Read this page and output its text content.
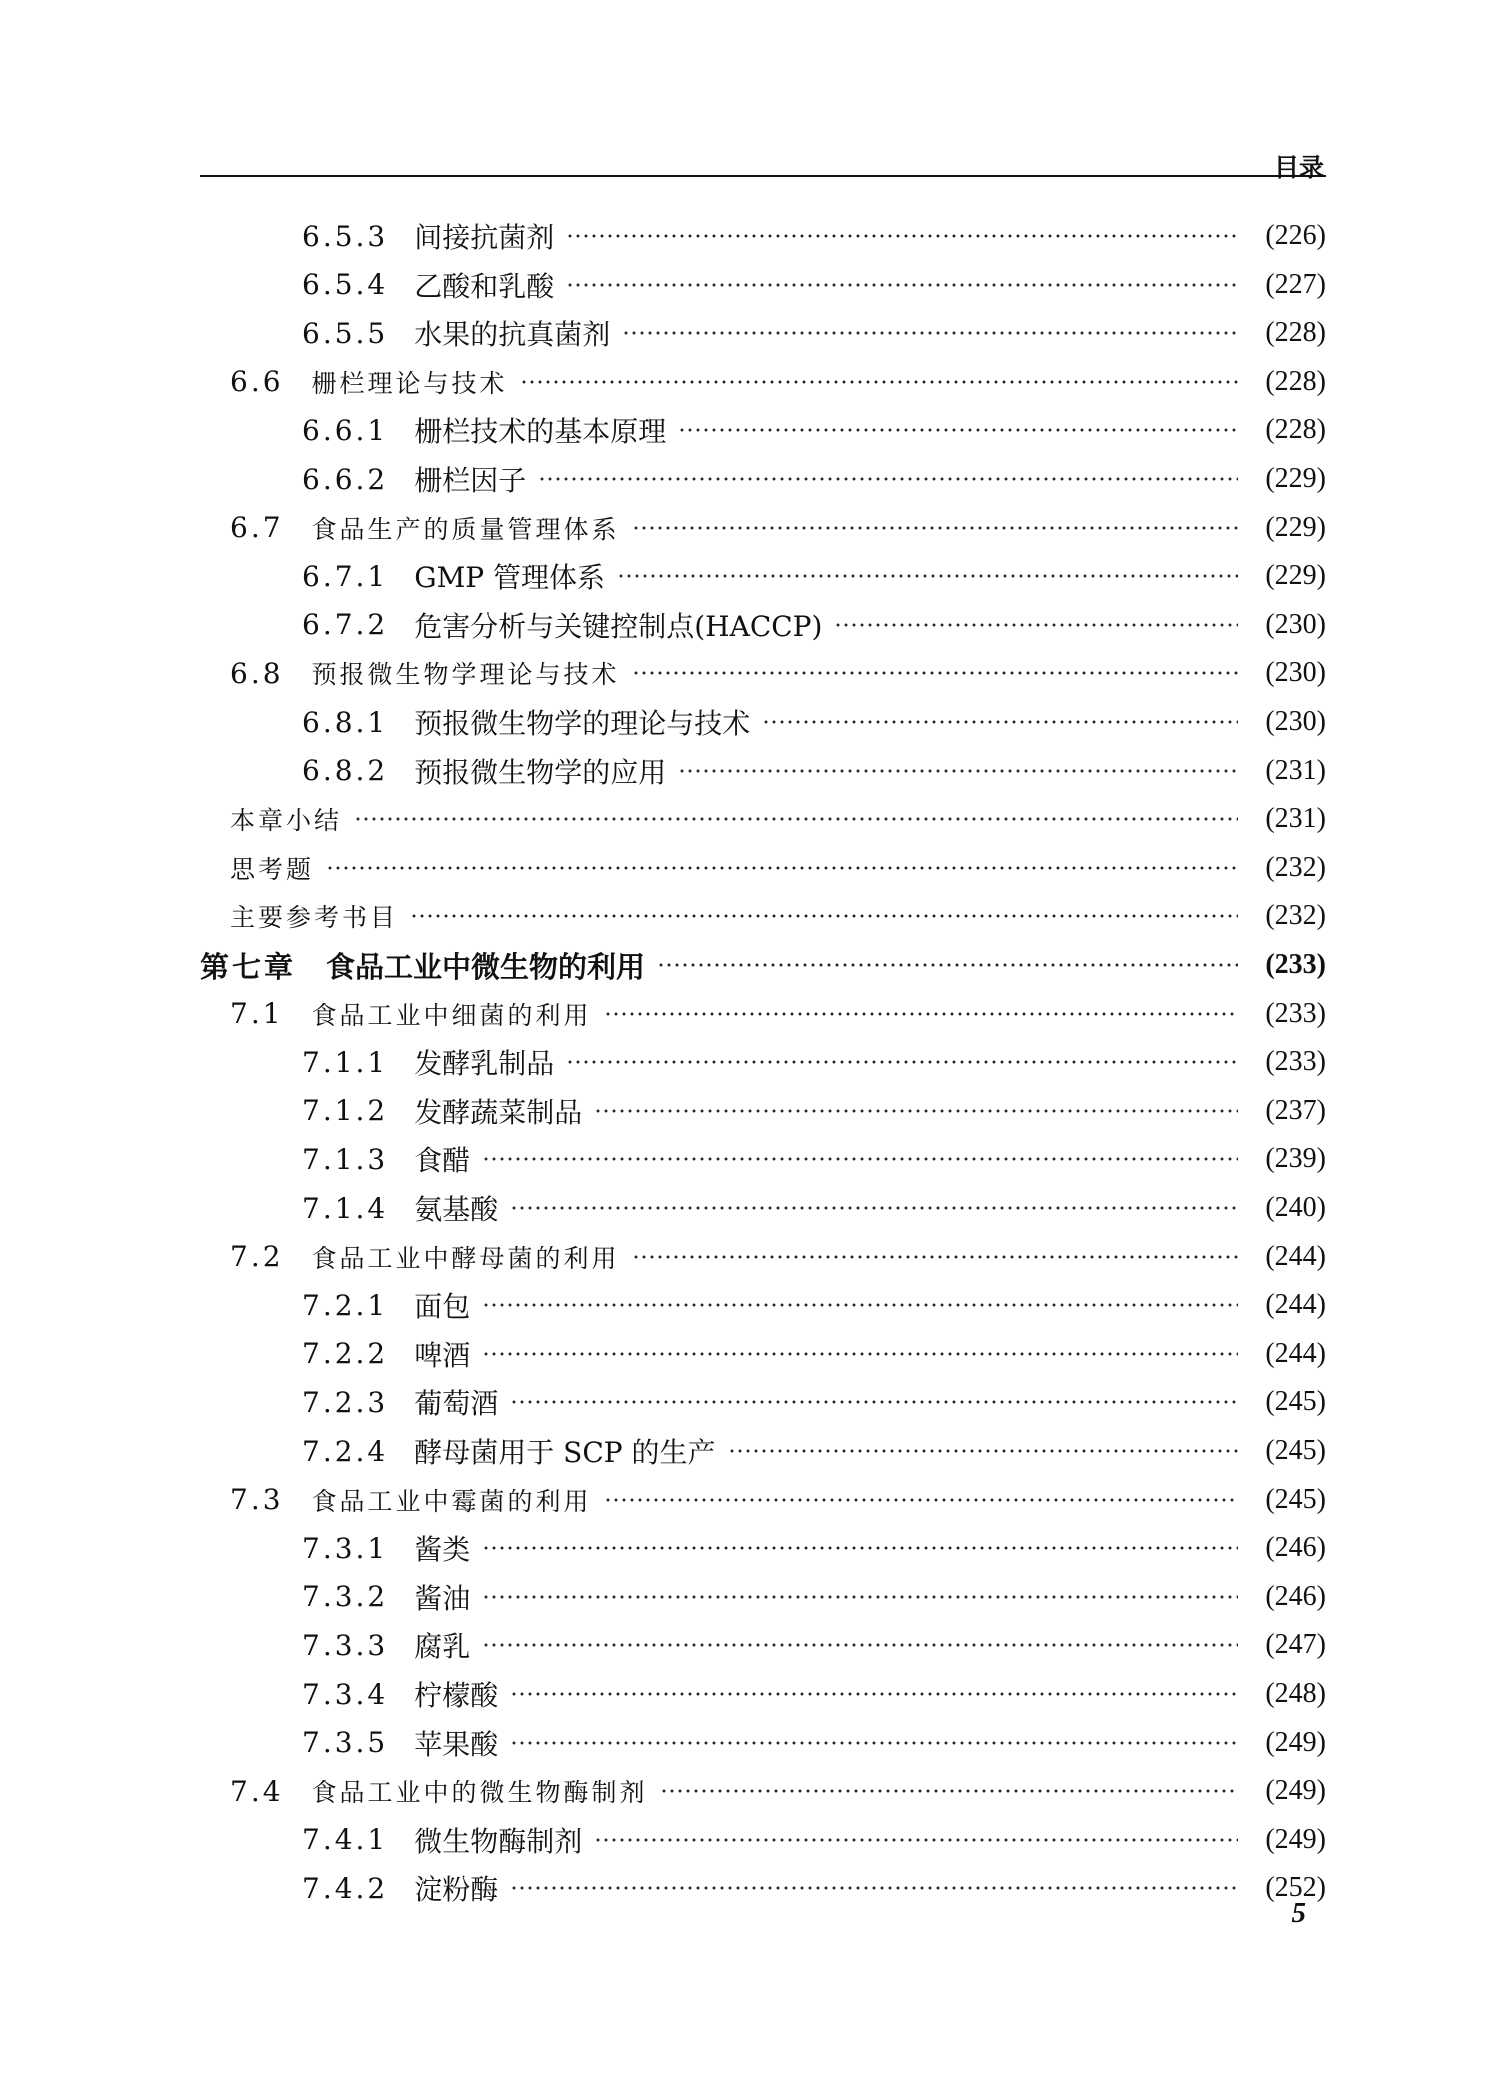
目录
6.5.3 间接抗菌剂	(226)
6.5.4 乙酸和乳酸	(227)
6.5.5 水果的抗真菌剂	(228)
6.6 栅栏理论与技术	(228)
6.6.1 栅栏技术的基本原理	(228)
6.6.2 栅栏因子	(229)
6.7 食品生产的质量管理体系	(229)
6.7.1 GMP 管理体系	(229)
6.7.2 危害分析与关键控制点(HACCP)	(230)
6.8 预报微生物学理论与技术	(230)
6.8.1 预报微生物学的理论与技术	(230)
6.8.2 预报微生物学的应用	(231)
本章小结	(231)
思考题	(232)
主要参考书目	(232)
第七章 食品工业中微生物的利用	(233)
7.1 食品工业中细菌的利用	(233)
7.1.1 发酵乳制品	(233)
7.1.2 发酵蔬菜制品	(237)
7.1.3 食醋	(239)
7.1.4 氨基酸	(240)
7.2 食品工业中酵母菌的利用	(244)
7.2.1 面包	(244)
7.2.2 啤酒	(244)
7.2.3 葡萄酒	(245)
7.2.4 酵母菌用于 SCP 的生产	(245)
7.3 食品工业中霉菌的利用	(245)
7.3.1 酱类	(246)
7.3.2 酱油	(246)
7.3.3 腐乳	(247)
7.3.4 柠檬酸	(248)
7.3.5 苹果酸	(249)
7.4 食品工业中的微生物酶制剂	(249)
7.4.1 微生物酶制剂	(249)
7.4.2 淀粉酶	(252)
5
